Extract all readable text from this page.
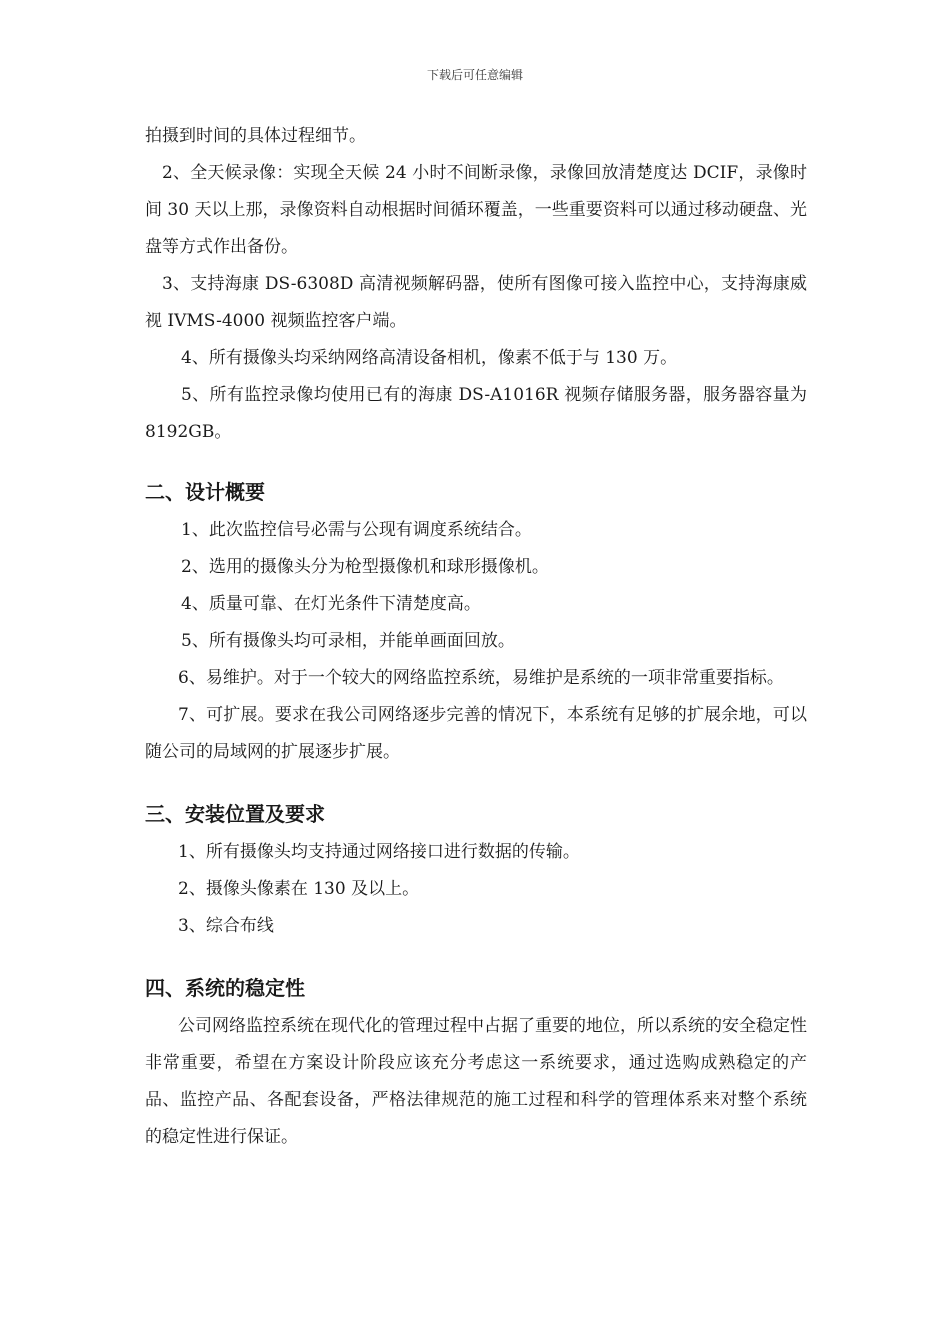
下载后可任意编辑

拍摄到时间的具体过程细节。

2、全天候录像：实现全天候 24 小时不间断录像，录像回放清楚度达 DCIF，录像时间 30 天以上那，录像资料自动根据时间循环覆盖，一些重要资料可以通过移动硬盘、光盘等方式作出备份。

3、支持海康 DS-6308D 高清视频解码器，使所有图像可接入监控中心，支持海康威视 IVMS-4000 视频监控客户端。

4、所有摄像头均采纳网络高清设备相机，像素不低于与 130 万。

5、所有监控录像均使用已有的海康 DS-A1016R 视频存储服务器，服务器容量为 8192GB。

二、设计概要

1、此次监控信号必需与公现有调度系统结合。

2、选用的摄像头分为枪型摄像机和球形摄像机。

4、质量可靠、在灯光条件下清楚度高。

5、所有摄像头均可录相，并能单画面回放。

6、易维护。对于一个较大的网络监控系统，易维护是系统的一项非常重要指标。

7、可扩展。要求在我公司网络逐步完善的情况下，本系统有足够的扩展余地，可以随公司的局域网的扩展逐步扩展。

三、安装位置及要求

1、所有摄像头均支持通过网络接口进行数据的传输。

2、摄像头像素在 130 及以上。

3、综合布线

四、系统的稳定性

公司网络监控系统在现代化的管理过程中占据了重要的地位，所以系统的安全稳定性非常重要，希望在方案设计阶段应该充分考虑这一系统要求，通过选购成熟稳定的产品、监控产品、各配套设备，严格法律规范的施工过程和科学的管理体系来对整个系统的稳定性进行保证。
